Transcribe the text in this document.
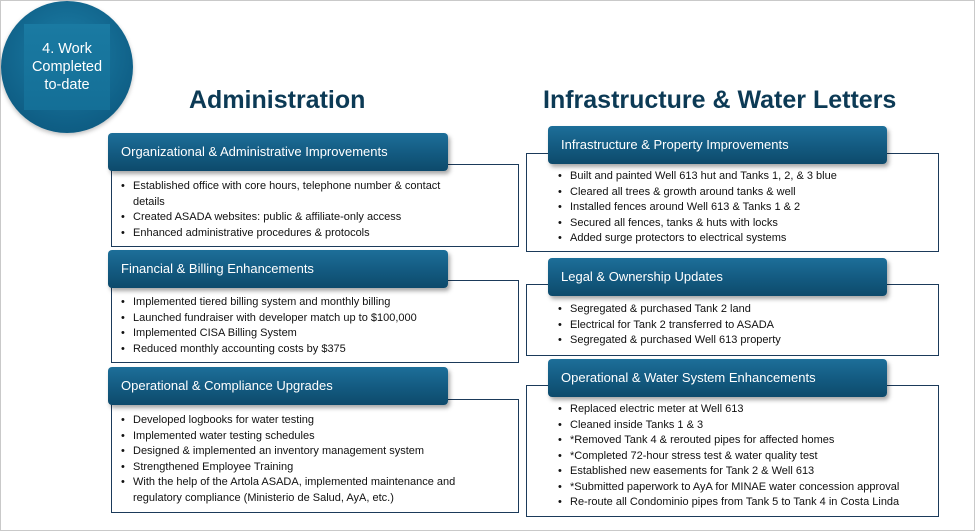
4. Work
Completed
to-date
Administration
Organizational & Administrative Improvements
• Established office with core hours, telephone number & contact details
• Created ASADA websites: public & affiliate-only access
• Enhanced administrative procedures & protocols
Financial & Billing Enhancements
• Implemented tiered billing system and monthly billing
• Launched fundraiser with developer match up to $100,000
• Implemented CISA Billing System
• Reduced monthly accounting costs by $375
Operational & Compliance Upgrades
• Developed logbooks for water testing
• Implemented water testing schedules
• Designed & implemented an inventory management system
• Strengthened Employee Training
• With the help of the Artola ASADA, implemented maintenance and regulatory compliance (Ministerio de Salud, AyA, etc.)
Infrastructure & Water Letters
Infrastructure & Property Improvements
• Built and painted Well 613 hut and Tanks 1, 2, & 3 blue
• Cleared all trees & growth around tanks & well
• Installed fences around Well 613 & Tanks 1 & 2
• Secured all fences, tanks & huts with locks
• Added surge protectors to electrical systems
Legal & Ownership Updates
• Segregated & purchased Tank 2 land
• Electrical for Tank 2 transferred to ASADA
• Segregated & purchased Well 613 property
Operational & Water System Enhancements
• Replaced electric meter at Well 613
• Cleaned inside Tanks 1 & 3
• *Removed Tank 4 & rerouted pipes for affected homes
• *Completed 72-hour stress test & water quality test
• Established new easements for Tank 2 & Well 613
• *Submitted paperwork to AyA for MINAE water concession approval
• Re-route all Condominio pipes from Tank 5 to Tank 4 in Costa Linda
